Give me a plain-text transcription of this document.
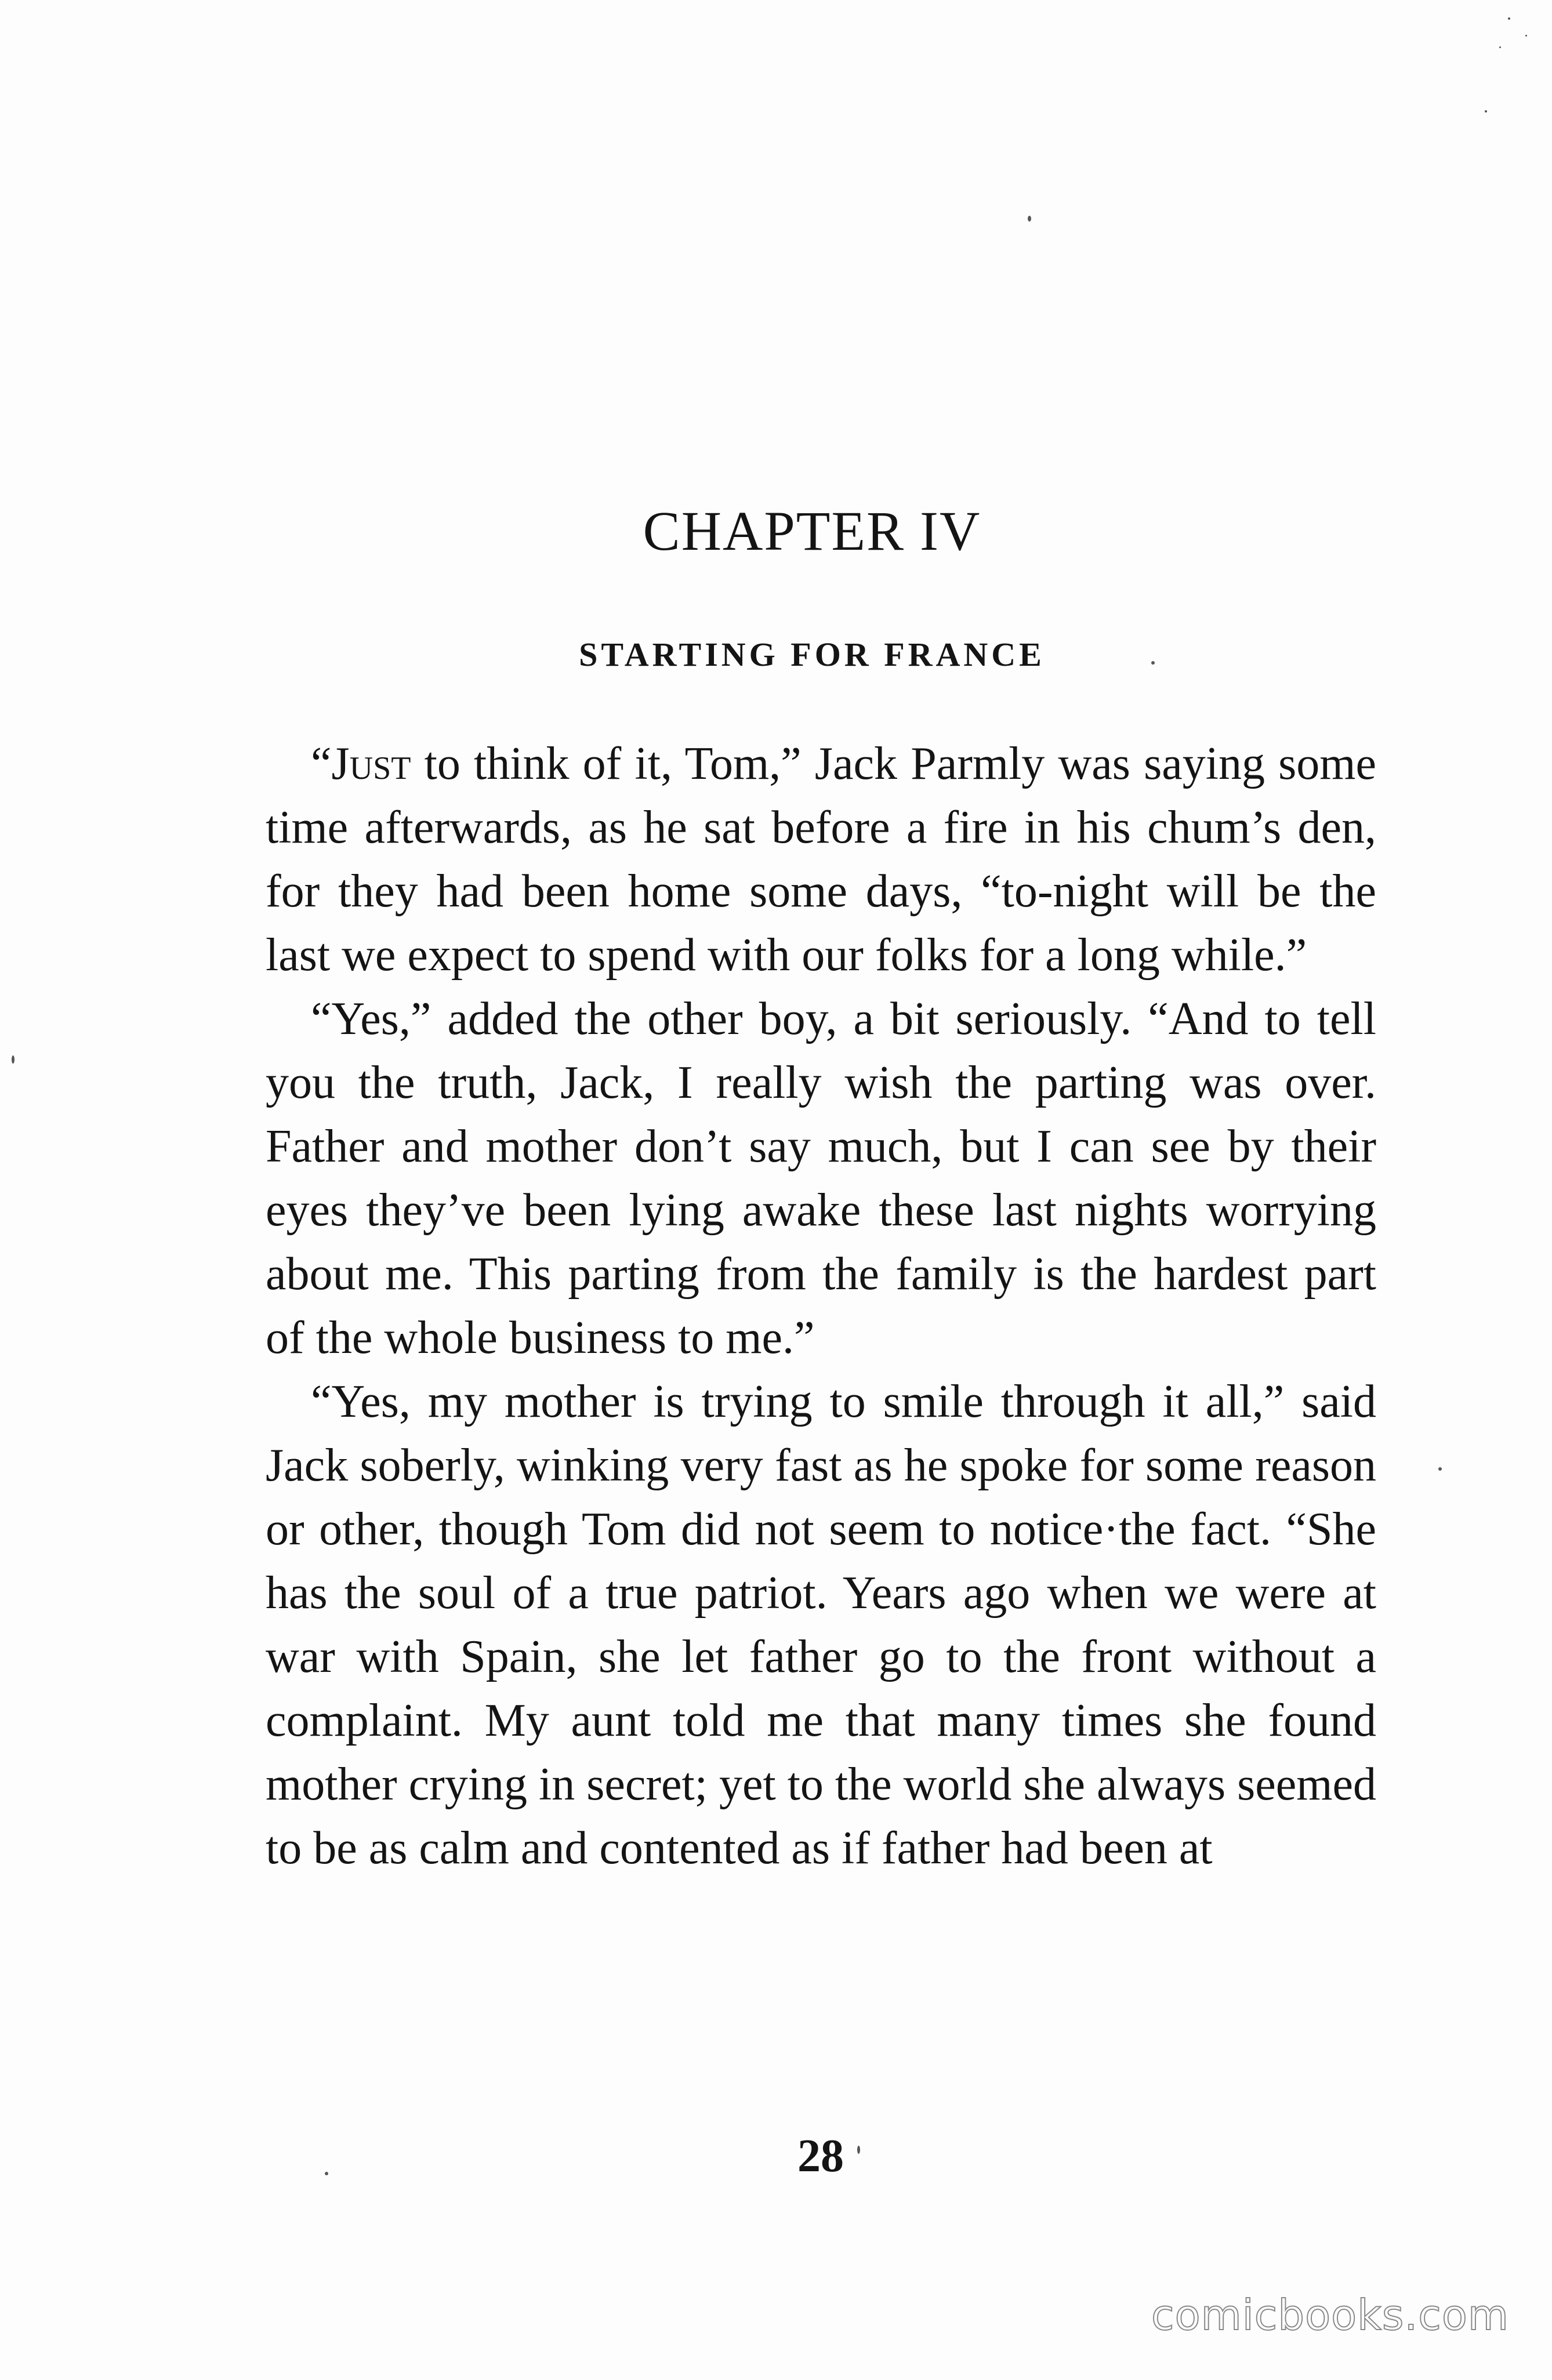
CHAPTER IV
STARTING FOR FRANCE

“Just to think of it, Tom,” Jack Parmly was saying some time afterwards, as he sat before a fire in his chum’s den, for they had been home some days, “to-night will be the last we expect to spend with our folks for a long while.”

“Yes,” added the other boy, a bit seriously. “And to tell you the truth, Jack, I really wish the parting was over. Father and mother don’t say much, but I can see by their eyes they’ve been lying awake these last nights worrying about me. This parting from the family is the hardest part of the whole business to me.”

“Yes, my mother is trying to smile through it all,” said Jack soberly, winking very fast as he spoke for some reason or other, though Tom did not seem to notice·the fact. “She has the soul of a true patriot. Years ago when we were at war with Spain, she let father go to the front without a complaint. My aunt told me that many times she found mother crying in secret; yet to the world she always seemed to be as calm and contented as if father had been at

28
comicbooks.com
